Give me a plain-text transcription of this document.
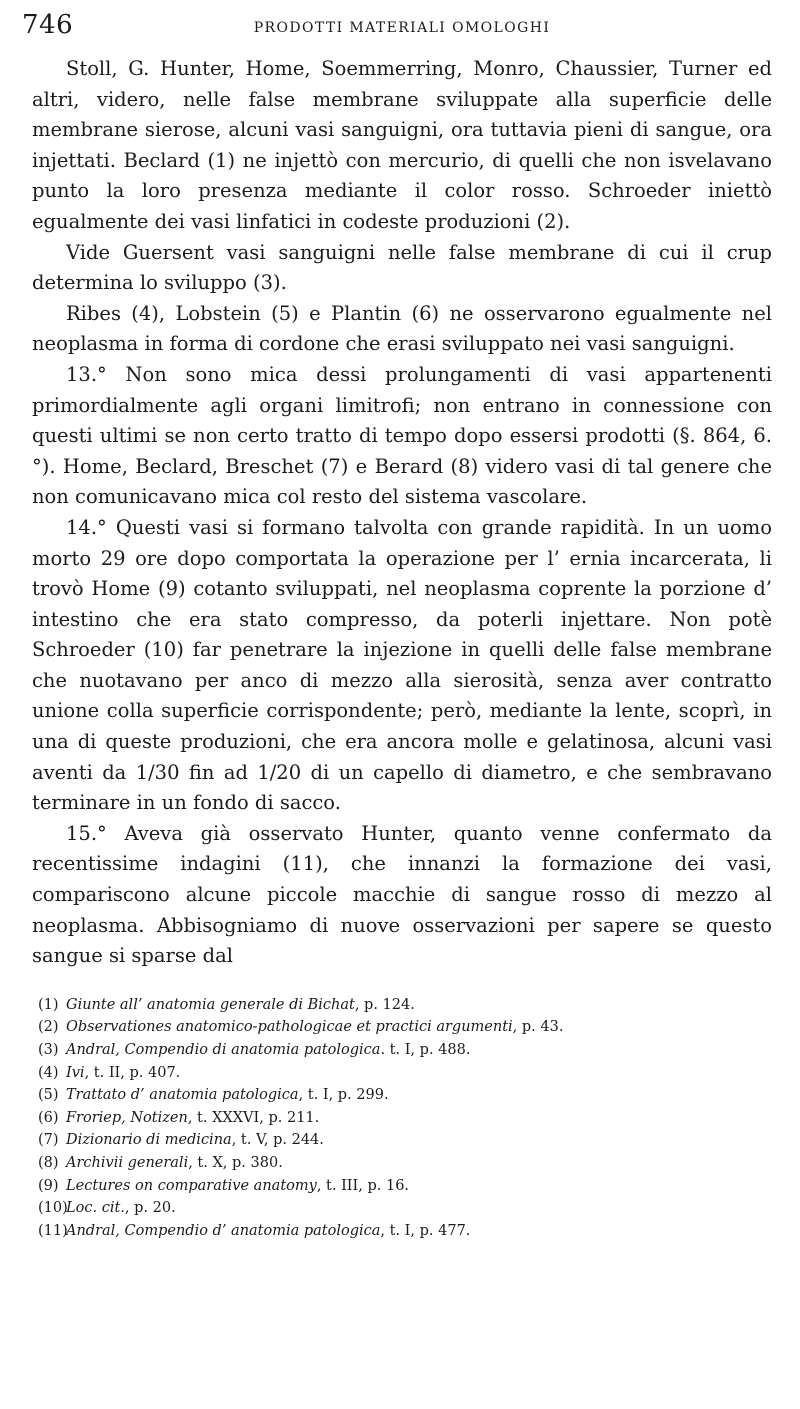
746	PRODOTTI MATERIALI OMOLOGHI

Stoll, G. Hunter, Home, Soemmerring, Monro, Chaussier, Turner ed altri, videro, nelle false membrane sviluppate alla superficie delle membrane sierose, alcuni vasi sanguigni, ora tuttavia pieni di sangue, ora injettati. Beclard (1) ne injettò con mercurio, di quelli che non isvelavano punto la loro presenza mediante il color rosso. Schroeder iniettò egualmente dei vasi linfatici in codeste produzioni (2).

Vide Guersent vasi sanguigni nelle false membrane di cui il crup determina lo sviluppo (3).

Ribes (4), Lobstein (5) e Plantin (6) ne osservarono egualmente nel neoplasma in forma di cordone che erasi sviluppato nei vasi sanguigni.

13.° Non sono mica dessi prolungamenti di vasi appartenenti primordialmente agli organi limitrofi; non entrano in connessione con questi ultimi se non certo tratto di tempo dopo essersi prodotti (§. 864, 6.°). Home, Beclard, Breschet (7) e Berard (8) videro vasi di tal genere che non comunicavano mica col resto del sistema vascolare.

14.° Questi vasi si formano talvolta con grande rapidità. In un uomo morto 29 ore dopo comportata la operazione per l’ ernia incarcerata, li trovò Home (9) cotanto sviluppati, nel neoplasma coprente la porzione d’ intestino che era stato compresso, da poterli injettare. Non potè Schroeder (10) far penetrare la injezione in quelli delle false membrane che nuotavano per anco di mezzo alla sierosità, senza aver contratto unione colla superficie corrispondente; però, mediante la lente, scoprì, in una di queste produzioni, che era ancora molle e gelatinosa, alcuni vasi aventi da 1/30 fin ad 1/20 di un capello di diametro, e che sembravano terminare in un fondo di sacco.

15.° Aveva già osservato Hunter, quanto venne confermato da recentissime indagini (11), che innanzi la formazione dei vasi, compariscono alcune piccole macchie di sangue rosso di mezzo al neoplasma. Abbisogniamo di nuove osservazioni per sapere se questo sangue si sparse dal

(1) Giunte all’ anatomia generale di Bichat, p. 124.
(2) Observationes anatomico-pathologicae et practici argumenti, p. 43.
(3) Andral, Compendio di anatomia patologica. t. I, p. 488.
(4) Ivi, t. II, p. 407.
(5) Trattato d’ anatomia patologica, t. I, p. 299.
(6) Froriep, Notizen, t. XXXVI, p. 211.
(7) Dizionario di medicina, t. V, p. 244.
(8) Archivii generali, t. X, p. 380.
(9) Lectures on comparative anatomy, t. III, p. 16.
(10)Loc. cit., p. 20.
(11)Andral, Compendio d’ anatomia patologica, t. I, p. 477.
